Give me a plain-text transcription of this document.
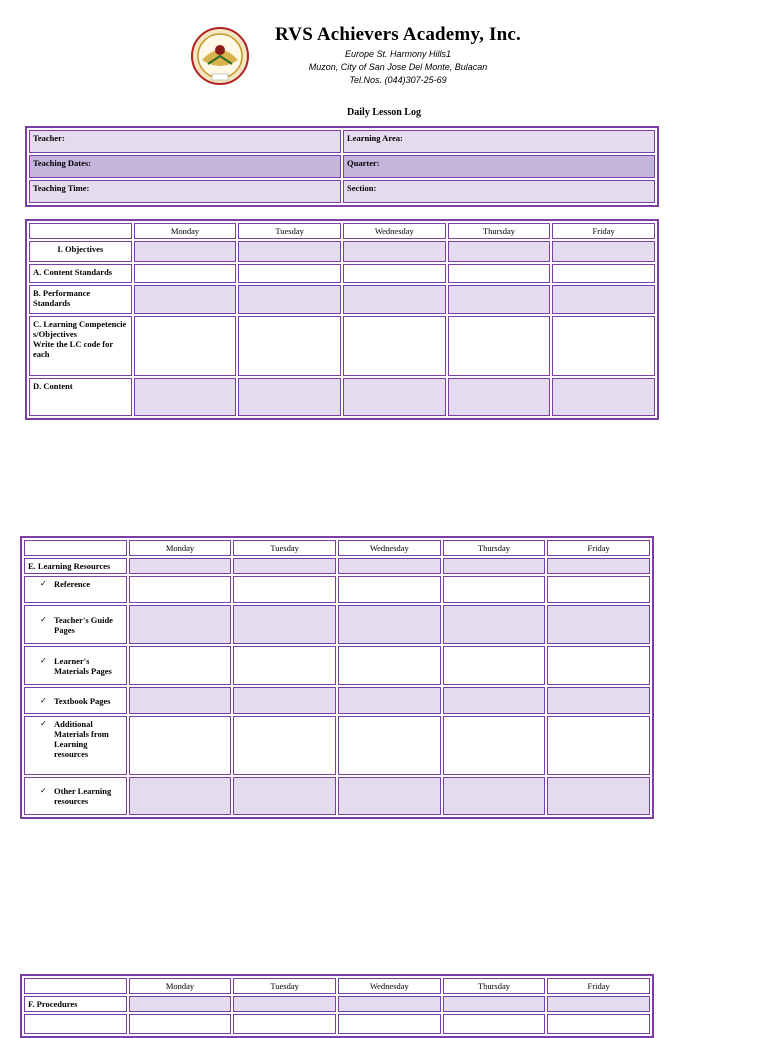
RVS Achievers Academy, Inc.
Europe St. Harmony Hills1
Muzon, City of San Jose Del Monte, Bulacan
Tel.Nos. (044)307-25-69
Daily Lesson Log
Teacher:	Learning Area:
Teaching Dates:	Quarter:
Teaching Time:	Section:
	Monday	Tuesday	Wednesday	Thursday	Friday
I. Objectives					
A. Content Standards					
B. Performance Standards					
C. Learning Competencies/Objectives
Write the LC code for each					
D. Content					
	Monday	Tuesday	Wednesday	Thursday	Friday
E. Learning Resources					

✓ Reference					

✓ Teacher's Guide Pages					

✓ Learner's Materials Pages					

✓ Textbook Pages					

✓ Additional Materials from Learning resources					

✓ Other Learning resources					

	Monday	Tuesday	Wednesday	Thursday	Friday
F. Procedures					
